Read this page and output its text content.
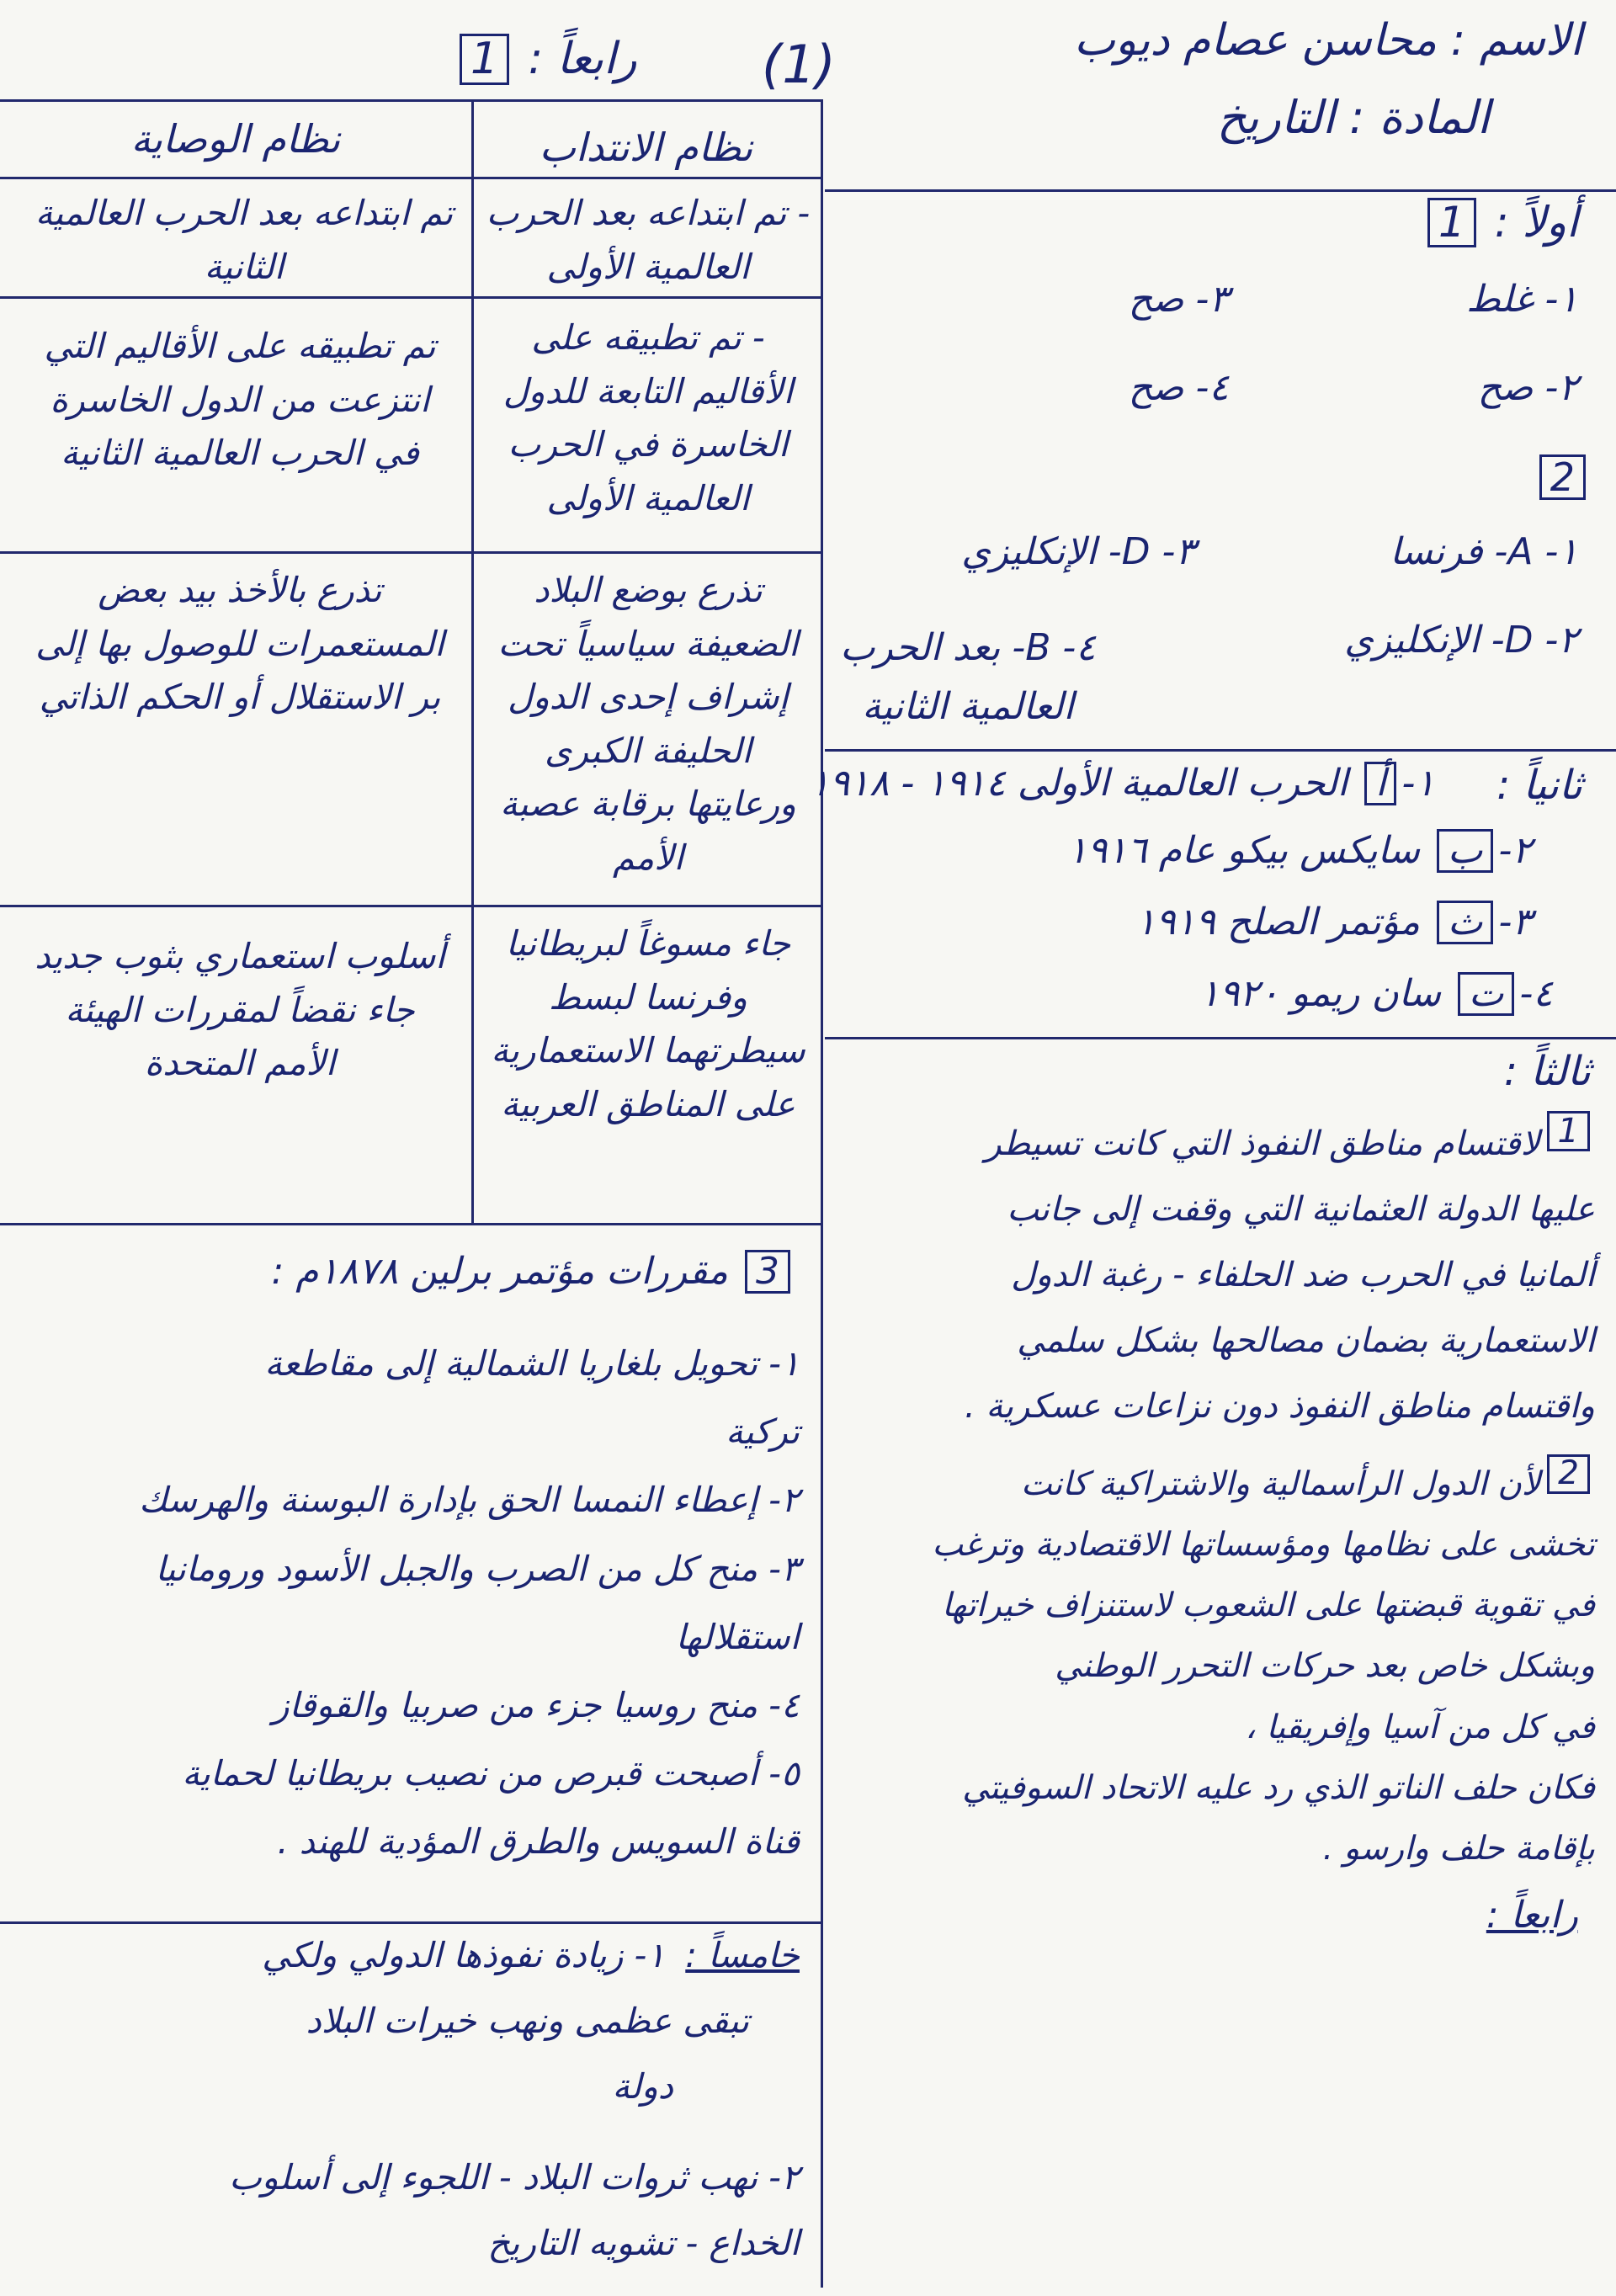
الاسم : محاسن عصام ديوب
المادة : التاريخ
(1)
رابعاً : 1
نظام الانتداب
نظام الوصاية
- تم ابتداعه بعد الحرب العالمية الأولى
تم ابتداعه بعد الحرب العالمية الثانية
- تم تطبيقه على الأقاليم التابعة للدول الخاسرة في الحرب العالمية الأولى
تم تطبيقه على الأقاليم التي انتزعت من الدول الخاسرة في الحرب العالمية الثانية
تذرع بوضع البلاد الضعيفة سياسياً تحت إشراف إحدى الدول الحليفة الكبرى ورعايتها برقابة عصبة الأمم
تذرع بالأخذ بيد بعض المستعمرات للوصول بها إلى بر الاستقلال أو الحكم الذاتي
جاء مسوغاً لبريطانيا وفرنسا لبسط سيطرتهما الاستعمارية على المناطق العربية
أسلوب استعماري بثوب جديد جاء نقضاً لمقررات الهيئة الأمم المتحدة
أولاً : 1
١- غلط
٢- صح
٣- صح
٤- صح
2
١- A- فرنسا
٢- D- الإنكليزي
٣- D- الإنكليزي
٤- B- بعد الحرب العالمية الثانية
ثانياً :
١-أ الحرب العالمية الأولى ١٩١٤ - ١٩١٨
٢-ب سايكس بيكو عام ١٩١٦
٣-ث مؤتمر الصلح ١٩١٩
٤-ت سان ريمو ١٩٢٠
ثالثاً :
1
لاقتسام مناطق النفوذ التي كانت تسيطر
عليها الدولة العثمانية التي وقفت إلى جانب
ألمانيا في الحرب ضد الحلفاء - رغبة الدول
الاستعمارية بضمان مصالحها بشكل سلمي
واقتسام مناطق النفوذ دون نزاعات عسكرية .
2
لأن الدول الرأسمالية والاشتراكية كانت
تخشى على نظامها ومؤسساتها الاقتصادية وترغب
في تقوية قبضتها على الشعوب لاستنزاف خيراتها
وبشكل خاص بعد حركات التحرر الوطني
في كل من آسيا وإفريقيا ،
فكان حلف الناتو الذي رد عليه الاتحاد السوفيتي
بإقامة حلف وارسو .
رابعاً :
3 مقررات مؤتمر برلين ١٨٧٨م :
١- تحويل بلغاريا الشمالية إلى مقاطعة
تركية
٢- إعطاء النمسا الحق بإدارة البوسنة والهرسك
٣- منح كل من الصرب والجبل الأسود ورومانيا
استقلالها
٤- منح روسيا جزء من صربيا والقوقاز
٥- أصبحت قبرص من نصيب بريطانيا لحماية
قناة السويس والطرق المؤدية للهند .
خامساً :١- زيادة نفوذها الدولي ولكي
تبقى عظمى ونهب خيرات البلاد
دولة
٢- نهب ثروات البلاد - اللجوء إلى أسلوب
الخداع - تشويه التاريخ
